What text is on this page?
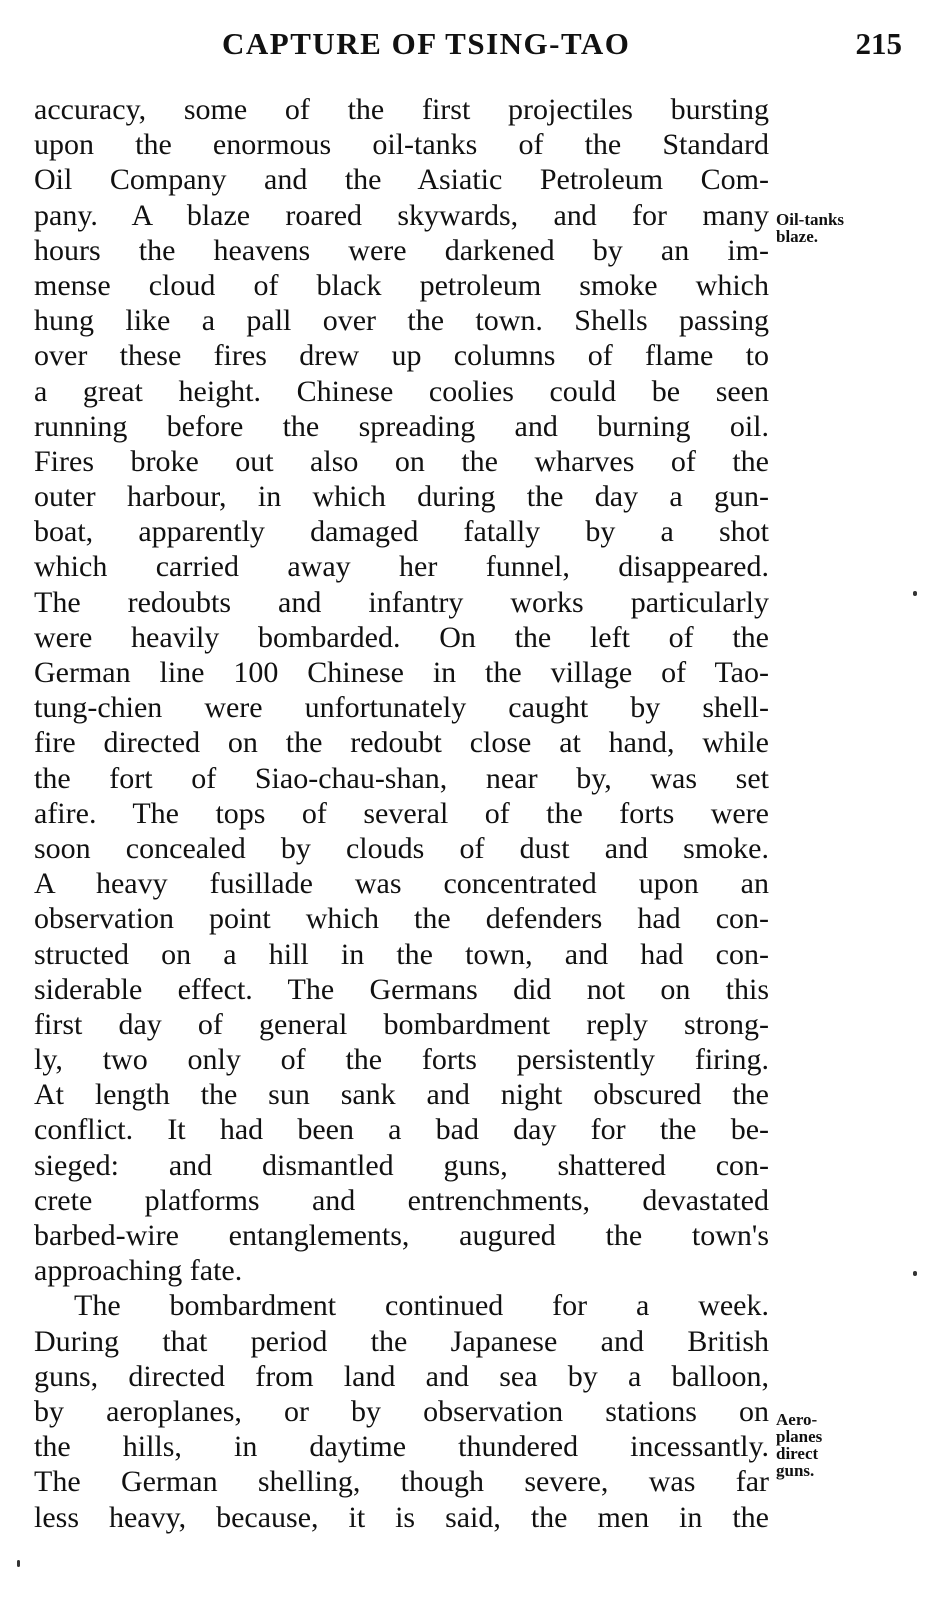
CAPTURE OF TSING-TAO	215
accuracy, some of the first projectiles bursting
upon the enormous oil-tanks of the Standard
Oil Company and the Asiatic Petroleum Com-
pany. A blaze roared skywards, and for many
hours the heavens were darkened by an im-
mense cloud of black petroleum smoke which
hung like a pall over the town. Shells passing
over these fires drew up columns of flame to
a great height. Chinese coolies could be seen
running before the spreading and burning oil.
Fires broke out also on the wharves of the
outer harbour, in which during the day a gun-
boat, apparently damaged fatally by a shot
which carried away her funnel, disappeared.
The redoubts and infantry works particularly
were heavily bombarded. On the left of the
German line 100 Chinese in the village of Tao-
tung-chien were unfortunately caught by shell-
fire directed on the redoubt close at hand, while
the fort of Siao-chau-shan, near by, was set
afire. The tops of several of the forts were
soon concealed by clouds of dust and smoke.
A heavy fusillade was concentrated upon an
observation point which the defenders had con-
structed on a hill in the town, and had con-
siderable effect. The Germans did not on this
first day of general bombardment reply strong-
ly, two only of the forts persistently firing.
At length the sun sank and night obscured the
conflict. It had been a bad day for the be-
sieged: and dismantled guns, shattered con-
crete platforms and entrenchments, devastated
barbed-wire entanglements, augured the town's
approaching fate.
The bombardment continued for a week.
During that period the Japanese and British
guns, directed from land and sea by a balloon,
by aeroplanes, or by observation stations on
the hills, in daytime thundered incessantly.
The German shelling, though severe, was far
less heavy, because, it is said, the men in the
Oil-tanks
blaze.
Aero-
planes
direct
guns.
